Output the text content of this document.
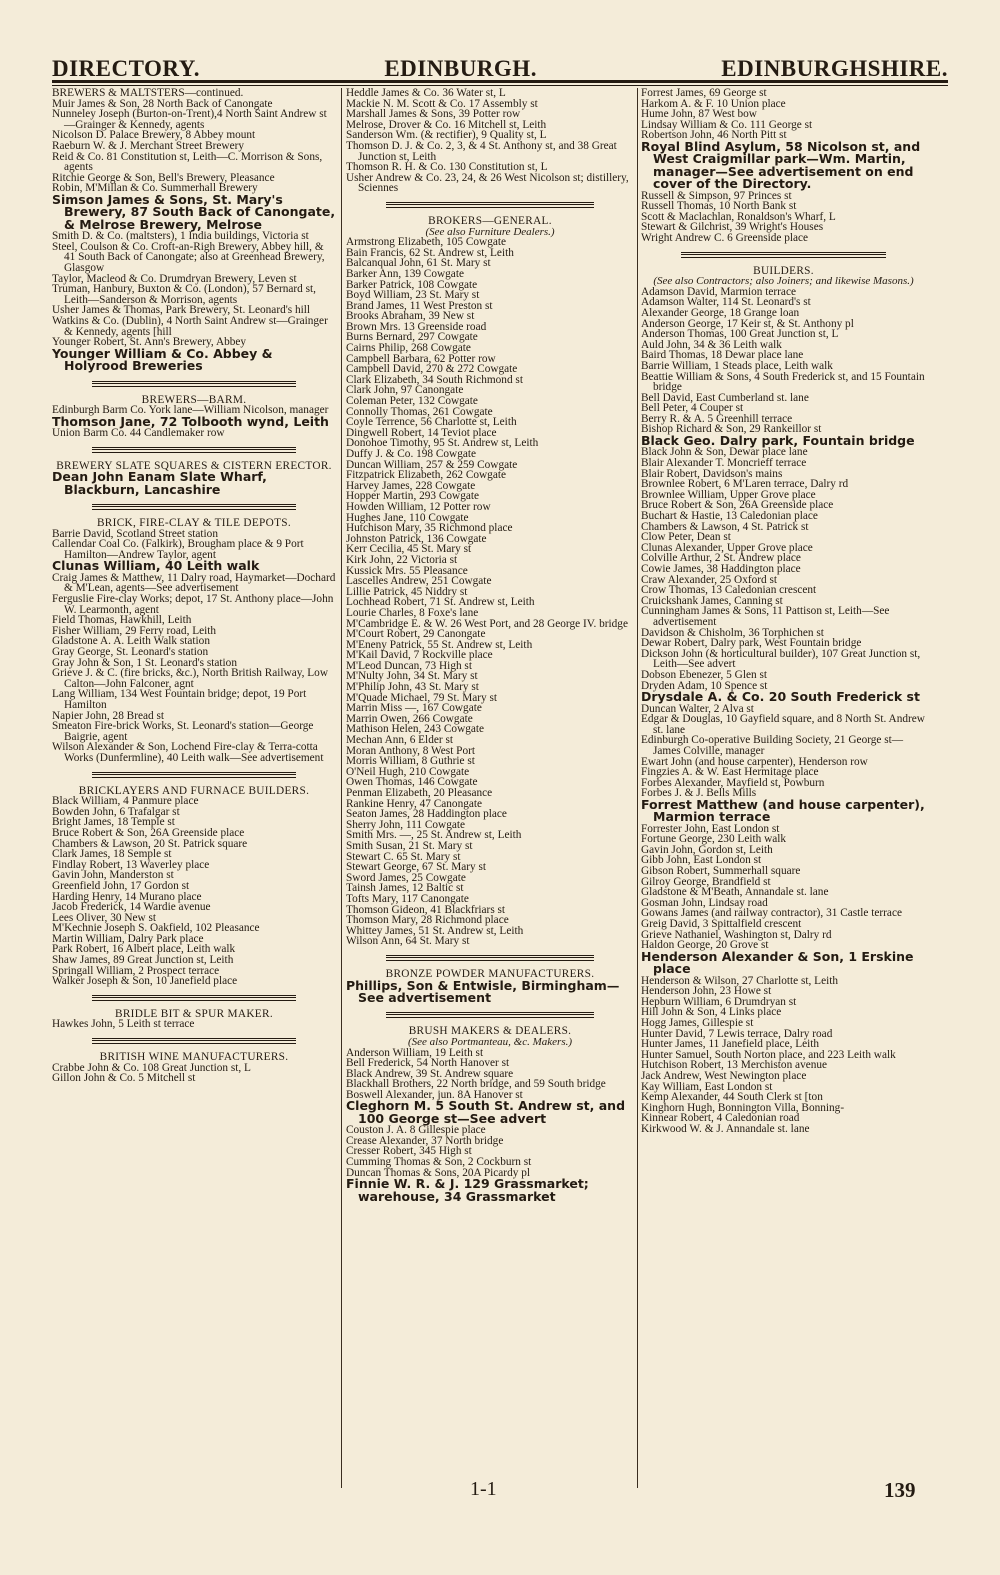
DIRECTORY.	EDINBURGH.	EDINBURGHSHIRE.

BREWERS & MALTSTERS—continued.

Muir James & Son, 28 North Back of Canongate

Nunneley Joseph (Burton-on-Trent),4 North Saint Andrew st—Grainger & Kennedy, agents

Nicolson D. Palace Brewery, 8 Abbey mount

Raeburn W. & J. Merchant Street Brewery

Reid & Co. 81 Constitution st, Leith—C. Morrison & Sons, agents

Ritchie George & Son, Bell's Brewery, Pleasance

Robin, M'Millan & Co. Summerhall Brewery

Simson James & Sons, St. Mary's Brewery, 87 South Back of Canongate, & Melrose Brewery, Melrose

Smith D. & Co. (maltsters), 1 India buildings, Victoria st

Steel, Coulson & Co. Croft-an-Righ Brewery, Abbey hill, & 41 South Back of Canongate; also at Greenhead Brewery, Glasgow

Taylor, Macleod & Co. Drumdryan Brewery, Leven st

Truman, Hanbury, Buxton & Co. (London), 57 Bernard st, Leith—Sanderson & Morrison, agents

Usher James & Thomas, Park Brewery, St. Leonard's hill

Watkins & Co. (Dublin), 4 North Saint Andrew st—Grainger & Kennedy, agents [hill

Younger Robert, St. Ann's Brewery, Abbey

Younger William & Co. Abbey & Holyrood Breweries

BREWERS—BARM.

Edinburgh Barm Co. York lane—William Nicolson, manager

Thomson Jane, 72 Tolbooth wynd, Leith

Union Barm Co. 44 Candlemaker row

BREWERY SLATE SQUARES & CISTERN ERECTOR.

Dean John Eanam Slate Wharf, Blackburn, Lancashire

BRICK, FIRE-CLAY & TILE DEPOTS.

Barrie David, Scotland Street station

Callendar Coal Co. (Falkirk), Brougham place & 9 Port Hamilton—Andrew Taylor, agent

Clunas William, 40 Leith walk

Craig James & Matthew, 11 Dalry road, Haymarket—Dochard & M'Lean, agents—See advertisement

Ferguslie Fire-clay Works; depot, 17 St. Anthony place—John W. Learmonth, agent

Field Thomas, Hawkhill, Leith

Fisher William, 29 Ferry road, Leith

Gladstone A. A. Leith Walk station

Gray George, St. Leonard's station

Gray John & Son, 1 St. Leonard's station

Grieve J. & C. (fire bricks, &c.), North British Railway, Low Calton—John Falconer, agnt

Lang William, 134 West Fountain bridge; depot, 19 Port Hamilton

Napier John, 28 Bread st

Smeaton Fire-brick Works, St. Leonard's station—George Baigrie, agent

Wilson Alexander & Son, Lochend Fire-clay & Terra-cotta Works (Dunfermline), 40 Leith walk—See advertisement

BRICKLAYERS AND FURNACE BUILDERS.

Black William, 4 Panmure place

Bowden John, 6 Trafalgar st

Bright James, 18 Temple st

Bruce Robert & Son, 26A Greenside place

Chambers & Lawson, 20 St. Patrick square

Clark James, 18 Semple st

Findlay Robert, 13 Waverley place

Gavin John, Manderston st

Greenfield John, 17 Gordon st

Harding Henry, 14 Murano place

Jacob Frederick, 14 Wardie avenue

Lees Oliver, 30 New st

M'Kechnie Joseph S. Oakfield, 102 Pleasance

Martin William, Dalry Park place

Park Robert, 16 Albert place, Leith walk

Shaw James, 89 Great Junction st, Leith

Springall William, 2 Prospect terrace

Walker Joseph & Son, 10 Janefield place

BRIDLE BIT & SPUR MAKER.

Hawkes John, 5 Leith st terrace

BRITISH WINE MANUFACTURERS.

Crabbe John & Co. 108 Great Junction st, L

Gillon John & Co. 5 Mitchell st

Heddle James & Co. 36 Water st, L

Mackie N. M. Scott & Co. 17 Assembly st

Marshall James & Sons, 39 Potter row

Melrose, Drover & Co. 16 Mitchell st, Leith

Sanderson Wm. (& rectifier), 9 Quality st, L

Thomson D. J. & Co. 2, 3, & 4 St. Anthony st, and 38 Great Junction st, Leith

Thomson R. H. & Co. 130 Constitution st, L

Usher Andrew & Co. 23, 24, & 26 West Nicolson st; distillery, Sciennes

BROKERS—GENERAL.

(See also Furniture Dealers.)

Armstrong Elizabeth, 105 Cowgate

Bain Francis, 62 St. Andrew st, Leith

Balcanqual John, 61 St. Mary st

Barker Ann, 139 Cowgate

Barker Patrick, 108 Cowgate

Boyd William, 23 St. Mary st

Brand James, 11 West Preston st

Brooks Abraham, 39 New st

Brown Mrs. 13 Greenside road

Burns Bernard, 297 Cowgate

Cairns Philip, 268 Cowgate

Campbell Barbara, 62 Potter row

Campbell David, 270 & 272 Cowgate

Clark Elizabeth, 34 South Richmond st

Clark John, 97 Canongate

Coleman Peter, 132 Cowgate

Connolly Thomas, 261 Cowgate

Coyle Terrence, 56 Charlotte st, Leith

Dingwell Robert, 14 Teviot place

Donohoe Timothy, 95 St. Andrew st, Leith

Duffy J. & Co. 198 Cowgate

Duncan William, 257 & 259 Cowgate

Fitzpatrick Elizabeth, 262 Cowgate

Harvey James, 228 Cowgate

Hopper Martin, 293 Cowgate

Howden William, 12 Potter row

Hughes Jane, 110 Cowgate

Hutchison Mary, 35 Richmond place

Johnston Patrick, 136 Cowgate

Kerr Cecilia, 45 St. Mary st

Kirk John, 22 Victoria st

Kussick Mrs. 55 Pleasance

Lascelles Andrew, 251 Cowgate

Lillie Patrick, 45 Niddry st

Lochhead Robert, 71 St. Andrew st, Leith

Lourie Charles, 8 Foxe's lane

M'Cambridge E. & W. 26 West Port, and 28 George IV. bridge

M'Court Robert, 29 Canongate

M'Eneny Patrick, 55 St. Andrew st, Leith

M'Kail David, 7 Rockville place

M'Leod Duncan, 73 High st

M'Nulty John, 34 St. Mary st

M'Philip John, 43 St. Mary st

M'Quade Michael, 79 St. Mary st

Marrin Miss —, 167 Cowgate

Marrin Owen, 266 Cowgate

Mathison Helen, 243 Cowgate

Mechan Ann, 6 Elder st

Moran Anthony, 8 West Port

Morris William, 8 Guthrie st

O'Neil Hugh, 210 Cowgate

Owen Thomas, 146 Cowgate

Penman Elizabeth, 20 Pleasance

Rankine Henry, 47 Canongate

Seaton James, 28 Haddington place

Sherry John, 111 Cowgate

Smith Mrs. —, 25 St. Andrew st, Leith

Smith Susan, 21 St. Mary st

Stewart C. 65 St. Mary st

Stewart George, 67 St. Mary st

Sword James, 25 Cowgate

Tainsh James, 12 Baltic st

Tofts Mary, 117 Canongate

Thomson Gideon, 41 Blackfriars st

Thomson Mary, 28 Richmond place

Whittey James, 51 St. Andrew st, Leith

Wilson Ann, 64 St. Mary st

BRONZE POWDER MANUFACTURERS.

Phillips, Son & Entwisle, Birmingham—See advertisement

BRUSH MAKERS & DEALERS.

(See also Portmanteau, &c. Makers.)

Anderson William, 19 Leith st

Bell Frederick, 54 North Hanover st

Black Andrew, 39 St. Andrew square

Blackhall Brothers, 22 North bridge, and 59 South bridge

Boswell Alexander, jun. 8A Hanover st

Cleghorn M. 5 South St. Andrew st, and 100 George st—See advert

Couston J. A. 8 Gillespie place

Crease Alexander, 37 North bridge

Cresser Robert, 345 High st

Cumming Thomas & Son, 2 Cockburn st

Duncan Thomas & Sons, 20A Picardy pl

Finnie W. R. & J. 129 Grassmarket; warehouse, 34 Grassmarket

Forrest James, 69 George st

Harkom A. & F. 10 Union place

Hume John, 87 West bow

Lindsay William & Co. 111 George st

Robertson John, 46 North Pitt st

Royal Blind Asylum, 58 Nicolson st, and West Craigmillar park—Wm. Martin, manager—See advertisement on end cover of the Directory.

Russell & Simpson, 97 Princes st

Russell Thomas, 10 North Bank st

Scott & Maclachlan, Ronaldson's Wharf, L

Stewart & Gilchrist, 39 Wright's Houses

Wright Andrew C. 6 Greenside place

BUILDERS.

(See also Contractors; also Joiners; and likewise Masons.)

Adamson David, Marmion terrace

Adamson Walter, 114 St. Leonard's st

Alexander George, 18 Grange loan

Anderson George, 17 Keir st, & St. Anthony pl

Anderson Thomas, 100 Great Junction st, L

Auld John, 34 & 36 Leith walk

Baird Thomas, 18 Dewar place lane

Barrie William, 1 Steads place, Leith walk

Beattie William & Sons, 4 South Frederick st, and 15 Fountain bridge

Bell David, East Cumberland st. lane

Bell Peter, 4 Couper st

Berry R. & A. 5 Greenhill terrace

Bishop Richard & Son, 29 Rankeillor st

Black Geo. Dalry park, Fountain bridge

Black John & Son, Dewar place lane

Blair Alexander T. Moncrieff terrace

Blair Robert, Davidson's mains

Brownlee Robert, 6 M'Laren terrace, Dalry rd

Brownlee William, Upper Grove place

Bruce Robert & Son, 26A Greenside place

Buchart & Hastie, 13 Caledonian place

Chambers & Lawson, 4 St. Patrick st

Clow Peter, Dean st

Clunas Alexander, Upper Grove place

Colville Arthur, 2 St. Andrew place

Cowie James, 38 Haddington place

Craw Alexander, 25 Oxford st

Crow Thomas, 13 Caledonian crescent

Cruickshank James, Canning st

Cunningham James & Sons, 11 Pattison st, Leith—See advertisement

Davidson & Chisholm, 36 Torphichen st

Dewar Robert, Dalry park, West Fountain bridge

Dickson John (& horticultural builder), 107 Great Junction st, Leith—See advert

Dobson Ebenezer, 5 Glen st

Dryden Adam, 10 Spence st

Drysdale A. & Co. 20 South Frederick st

Duncan Walter, 2 Alva st

Edgar & Douglas, 10 Gayfield square, and 8 North St. Andrew st. lane

Edinburgh Co-operative Building Society, 21 George st—James Colville, manager

Ewart John (and house carpenter), Henderson row

Fingzies A. & W. East Hermitage place

Forbes Alexander, Mayfield st, Powburn

Forbes J. & J. Bells Mills

Forrest Matthew (and house carpenter), Marmion terrace

Forrester John, East London st

Fortune George, 230 Leith walk

Gavin John, Gordon st, Leith

Gibb John, East London st

Gibson Robert, Summerhall square

Gilroy George, Brandfield st

Gladstone & M'Beath, Annandale st. lane

Gosman John, Lindsay road

Gowans James (and railway contractor), 31 Castle terrace

Greig David, 3 Spittalfield crescent

Grieve Nathaniel, Washington st, Dalry rd

Haldon George, 20 Grove st

Henderson Alexander & Son, 1 Erskine place

Henderson & Wilson, 27 Charlotte st, Leith

Henderson John, 23 Howe st

Hepburn William, 6 Drumdryan st

Hill John & Son, 4 Links place

Hogg James, Gillespie st

Hunter David, 7 Lewis terrace, Dalry road

Hunter James, 11 Janefield place, Leith

Hunter Samuel, South Norton place, and 223 Leith walk

Hutchison Robert, 13 Merchiston avenue

Jack Andrew, West Newington place

Kay William, East London st

Kemp Alexander, 44 South Clerk st [ton

Kinghorn Hugh, Bonnington Villa, Bonning-

Kinnear Robert, 4 Caledonian road

Kirkwood W. & J. Annandale st. lane

1-1	139
